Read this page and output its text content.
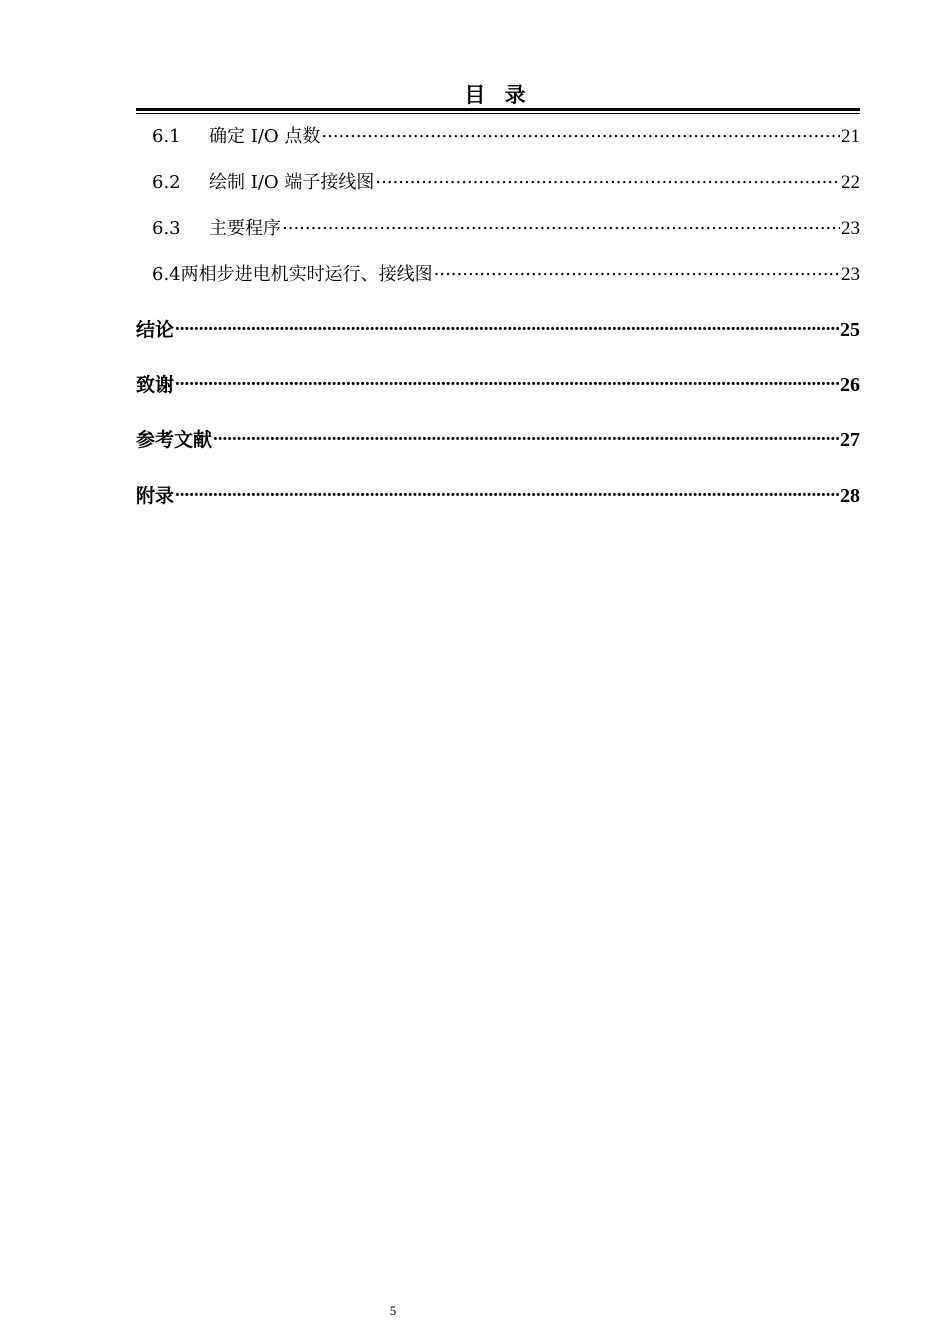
目 录
6.1	确定 I/O 点数 .....	21
6.2	绘制 I/O 端子接线图 .....	22
6.3	主要程序 .....	23
6.4 两相步进电机实时运行、接线图 .....	23
结论 .....	25
致谢 .....	26
参考文献 .....	27
附录 .....	28
5
